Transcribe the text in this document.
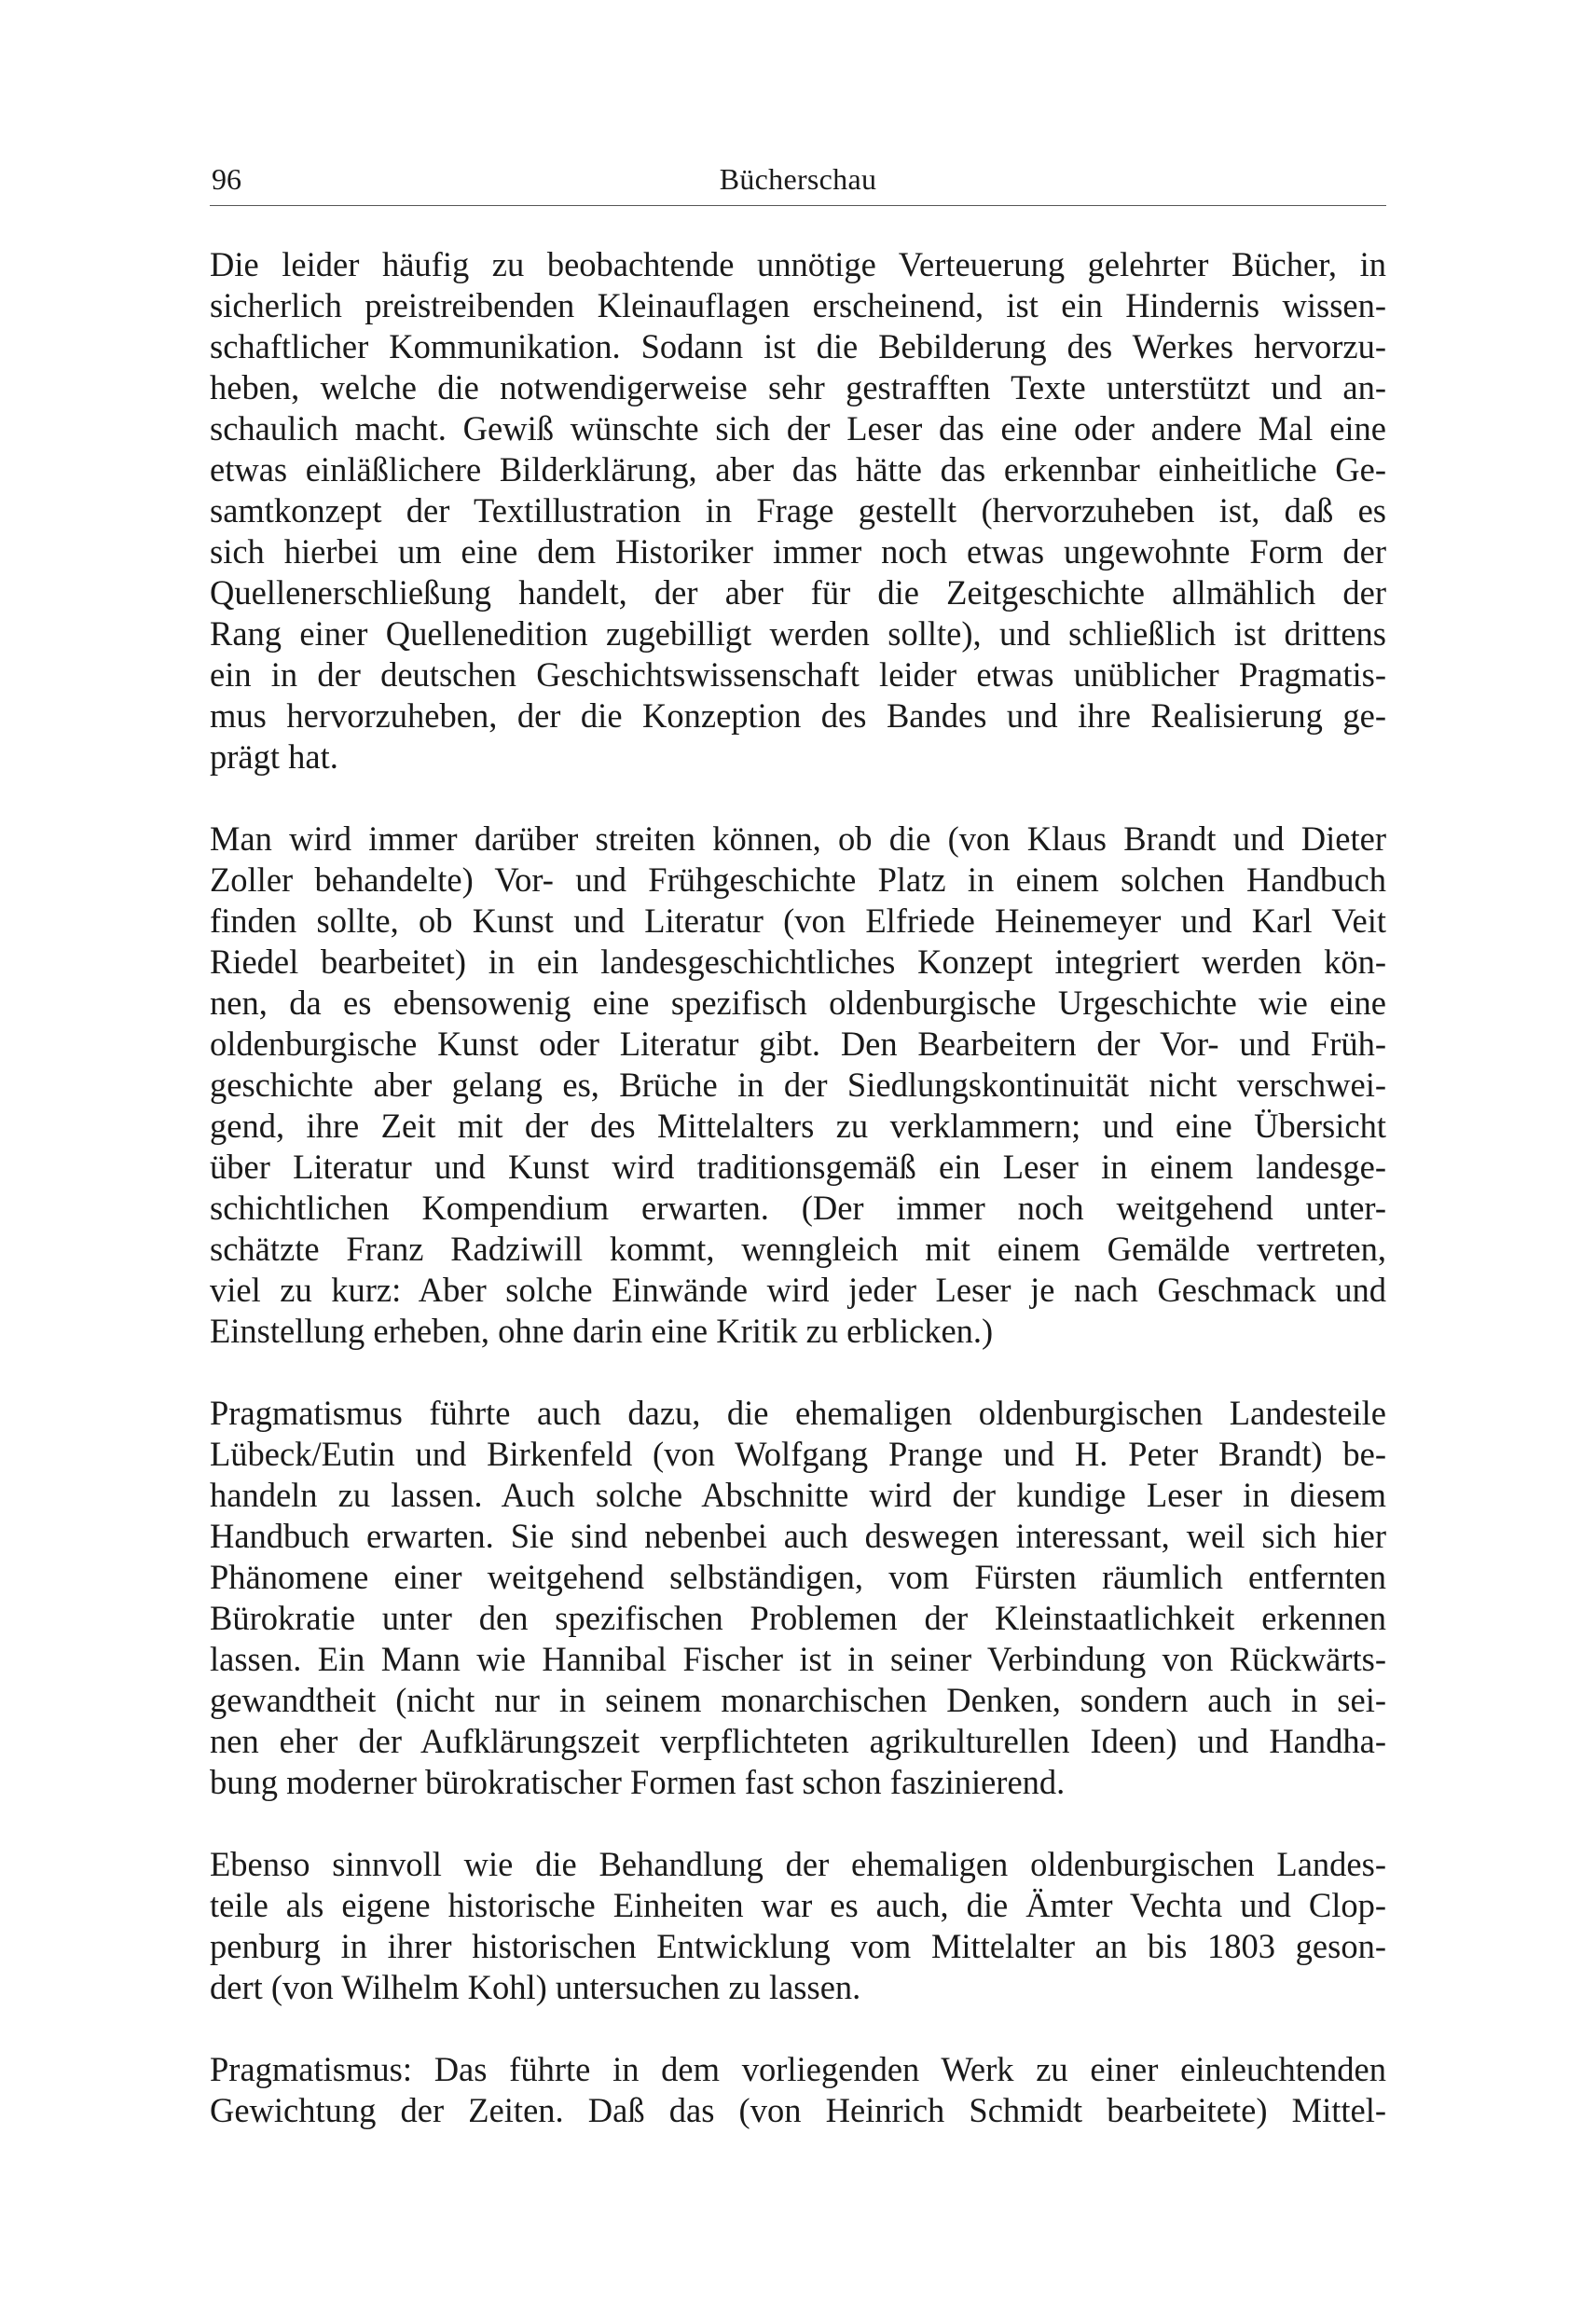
96	Bücherschau
Die leider häufig zu beobachtende unnötige Verteuerung gelehrter Bücher, in
sicherlich preistreibenden Kleinauflagen erscheinend, ist ein Hindernis wissen-
schaftlicher Kommunikation. Sodann ist die Bebilderung des Werkes hervorzu-
heben, welche die notwendigerweise sehr gestrafften Texte unterstützt und an-
schaulich macht. Gewiß wünschte sich der Leser das eine oder andere Mal eine
etwas einläßlichere Bilderklärung, aber das hätte das erkennbar einheitliche Ge-
samtkonzept der Textillustration in Frage gestellt (hervorzuheben ist, daß es
sich hierbei um eine dem Historiker immer noch etwas ungewohnte Form der
Quellenerschließung handelt, der aber für die Zeitgeschichte allmählich der
Rang einer Quellenedition zugebilligt werden sollte), und schließlich ist drittens
ein in der deutschen Geschichtswissenschaft leider etwas unüblicher Pragmatis-
mus hervorzuheben, der die Konzeption des Bandes und ihre Realisierung ge-
prägt hat.
Man wird immer darüber streiten können, ob die (von Klaus Brandt und Dieter
Zoller behandelte) Vor- und Frühgeschichte Platz in einem solchen Handbuch
finden sollte, ob Kunst und Literatur (von Elfriede Heinemeyer und Karl Veit
Riedel bearbeitet) in ein landesgeschichtliches Konzept integriert werden kön-
nen, da es ebensowenig eine spezifisch oldenburgische Urgeschichte wie eine
oldenburgische Kunst oder Literatur gibt. Den Bearbeitern der Vor- und Früh-
geschichte aber gelang es, Brüche in der Siedlungskontinuität nicht verschwei-
gend, ihre Zeit mit der des Mittelalters zu verklammern; und eine Übersicht
über Literatur und Kunst wird traditionsgemäß ein Leser in einem landesge-
schichtlichen Kompendium erwarten. (Der immer noch weitgehend unter-
schätzte Franz Radziwill kommt, wenngleich mit einem Gemälde vertreten,
viel zu kurz: Aber solche Einwände wird jeder Leser je nach Geschmack und
Einstellung erheben, ohne darin eine Kritik zu erblicken.)
Pragmatismus führte auch dazu, die ehemaligen oldenburgischen Landesteile
Lübeck/Eutin und Birkenfeld (von Wolfgang Prange und H. Peter Brandt) be-
handeln zu lassen. Auch solche Abschnitte wird der kundige Leser in diesem
Handbuch erwarten. Sie sind nebenbei auch deswegen interessant, weil sich hier
Phänomene einer weitgehend selbständigen, vom Fürsten räumlich entfernten
Bürokratie unter den spezifischen Problemen der Kleinstaatlichkeit erkennen
lassen. Ein Mann wie Hannibal Fischer ist in seiner Verbindung von Rückwärts-
gewandtheit (nicht nur in seinem monarchischen Denken, sondern auch in sei-
nen eher der Aufklärungszeit verpflichteten agrikulturellen Ideen) und Handha-
bung moderner bürokratischer Formen fast schon faszinierend.
Ebenso sinnvoll wie die Behandlung der ehemaligen oldenburgischen Landes-
teile als eigene historische Einheiten war es auch, die Ämter Vechta und Clop-
penburg in ihrer historischen Entwicklung vom Mittelalter an bis 1803 geson-
dert (von Wilhelm Kohl) untersuchen zu lassen.
Pragmatismus: Das führte in dem vorliegenden Werk zu einer einleuchtenden
Gewichtung der Zeiten. Daß das (von Heinrich Schmidt bearbeitete) Mittel-
